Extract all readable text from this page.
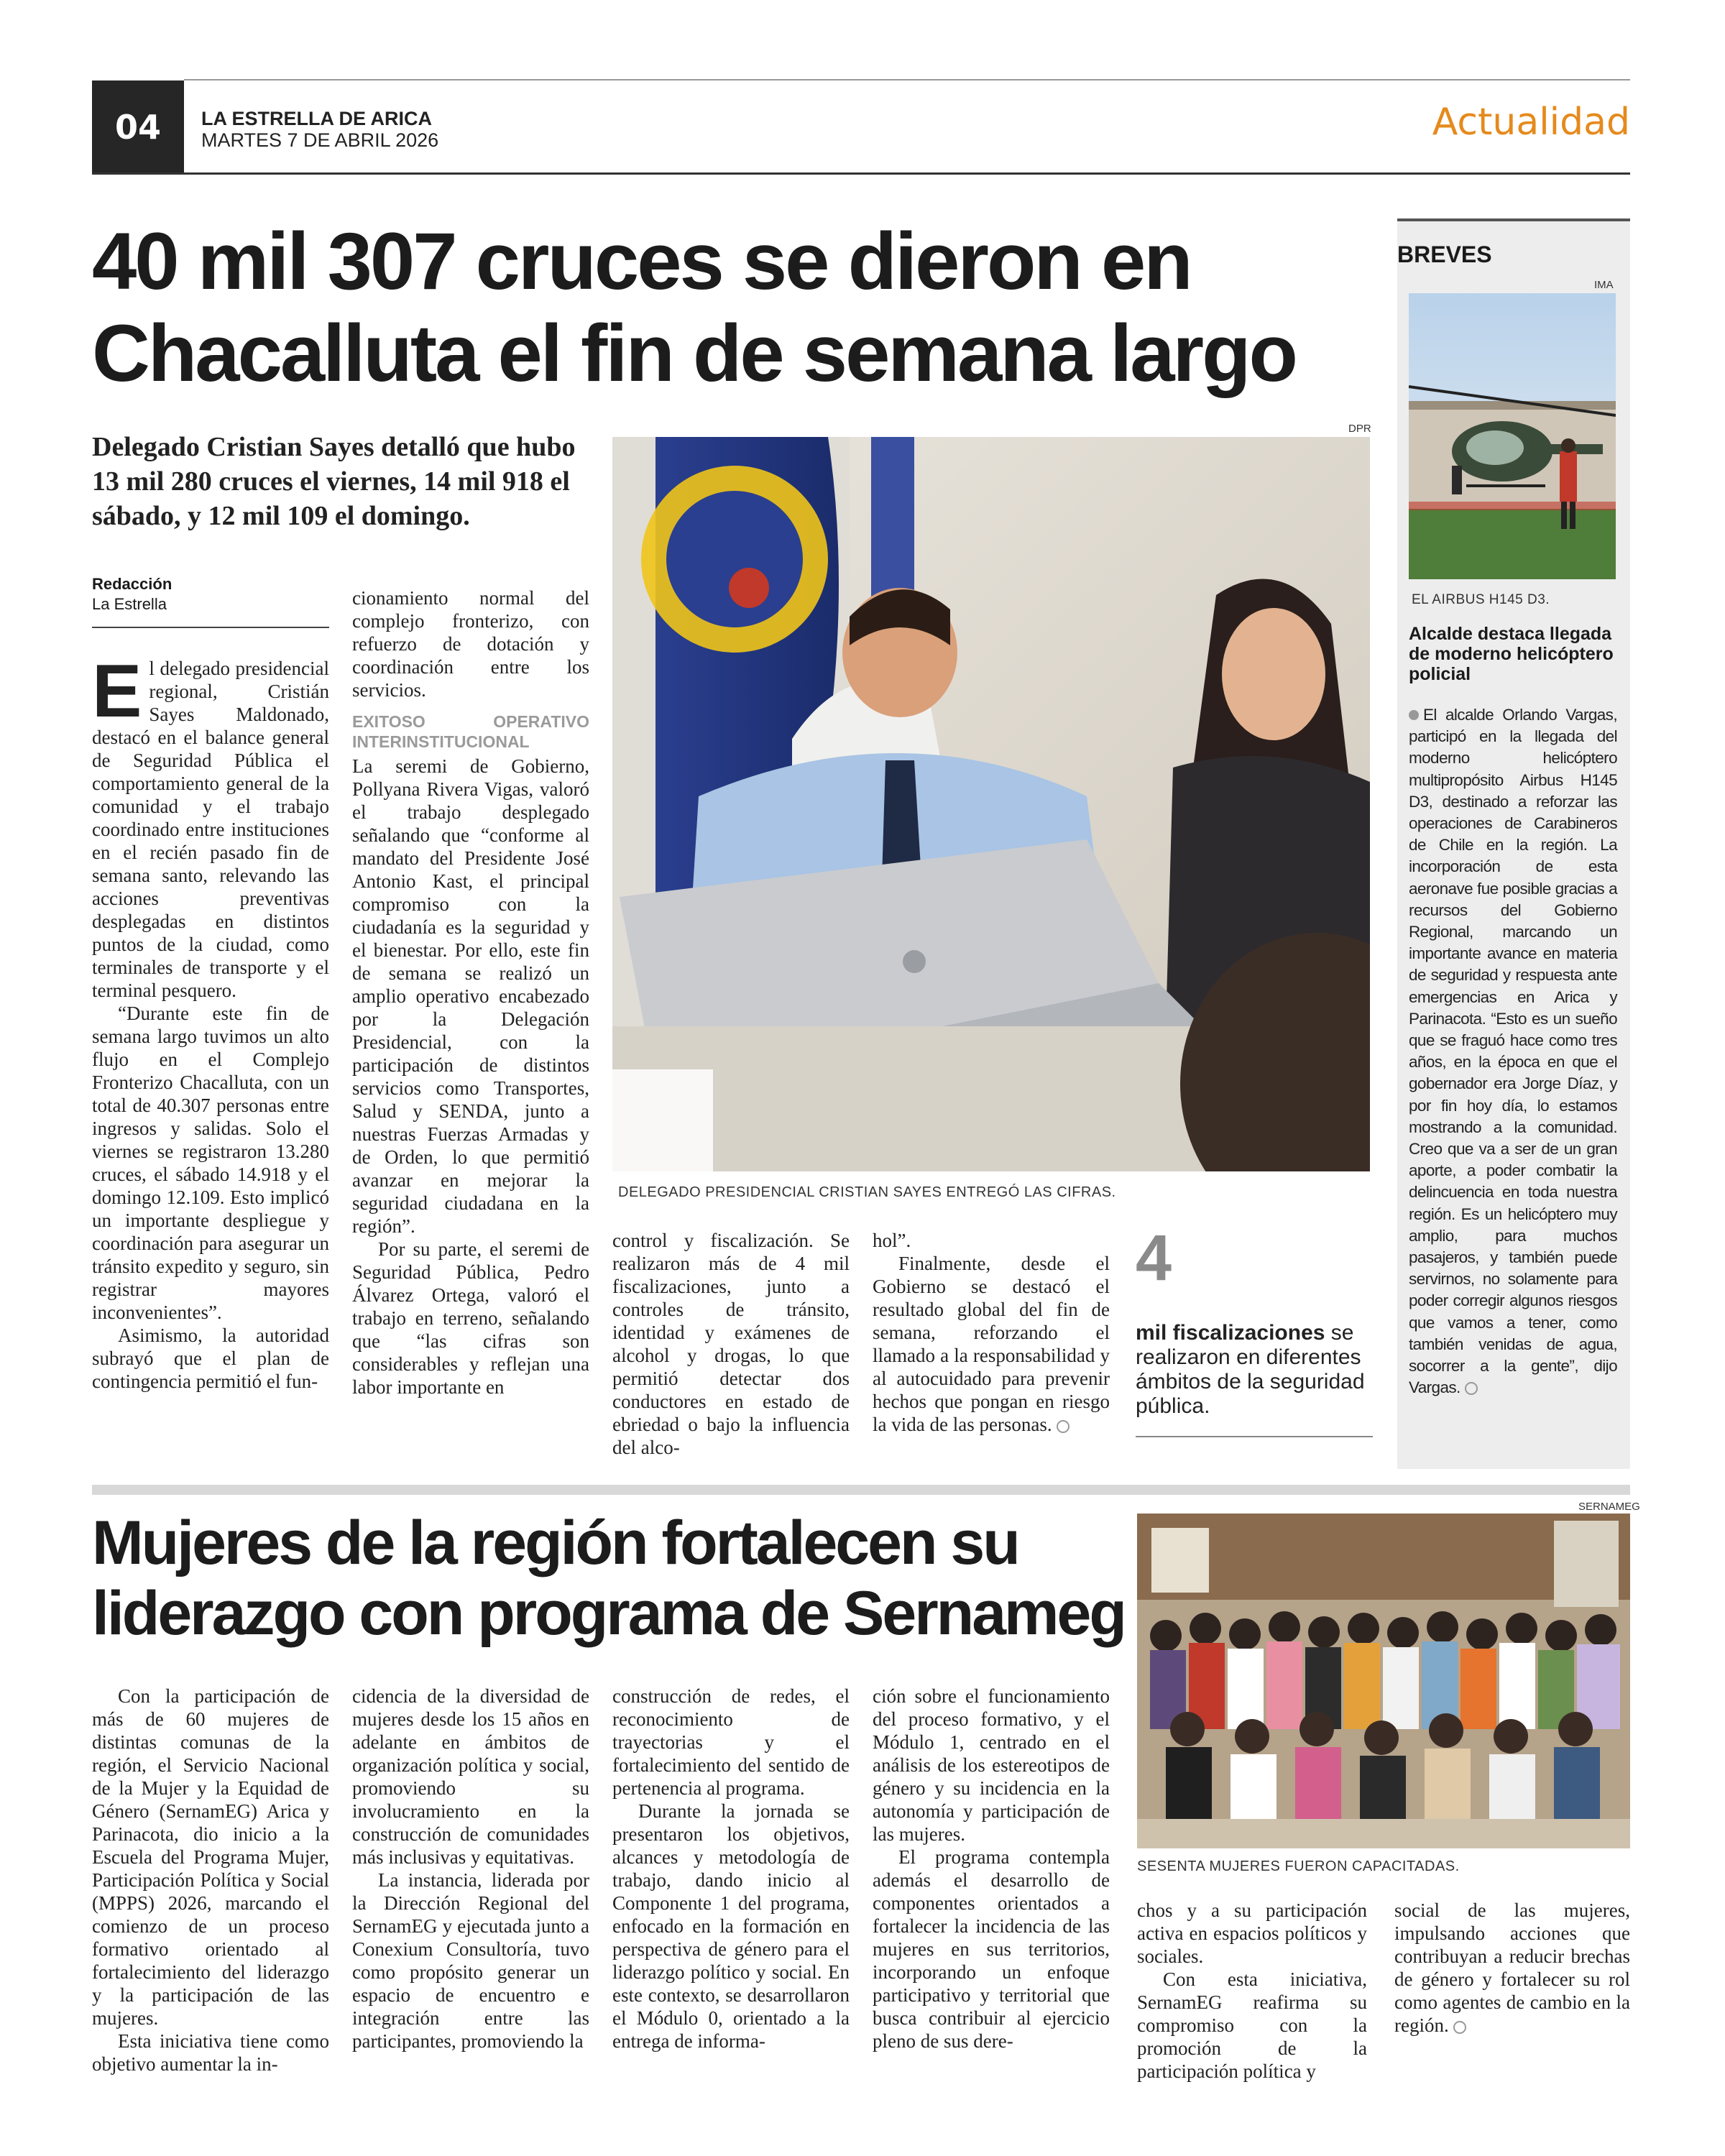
04	LA ESTRELLA DE ARICA
MARTES 7 DE ABRIL 2026	Actualidad
40 mil 307 cruces se dieron en
Chacalluta el fin de semana largo
Delegado Cristian Sayes detalló que hubo 13 mil 280 cruces el viernes, 14 mil 918 el sábado, y 12 mil 109 el domingo.
Redacción
La Estrella

El delegado presidencial regional, Cristián Sayes Maldonado, destacó en el balance general de Seguridad Pública el comportamiento general de la comunidad y el trabajo coordinado entre instituciones en el recién pasado fin de semana santo, relevando las acciones preventivas desplegadas en distintos puntos de la ciudad, como terminales de transporte y el terminal pesquero.

“Durante este fin de semana largo tuvimos un alto flujo en el Complejo Fronterizo Chacalluta, con un total de 40.307 personas entre ingresos y salidas. Solo el viernes se registraron 13.280 cruces, el sábado 14.918 y el domingo 12.109. Esto implicó un importante despliegue y coordinación para asegurar un tránsito expedito y seguro, sin registrar mayores inconvenientes”.

Asimismo, la autoridad subrayó que el plan de contingencia permitió el fun-

cionamiento normal del complejo fronterizo, con refuerzo de dotación y coordinación entre los servicios.

EXITOSO OPERATIVO INTERINSTITUCIONAL

La seremi de Gobierno, Pollyana Rivera Vigas, valoró el trabajo desplegado señalando que “conforme al mandato del Presidente José Antonio Kast, el principal compromiso con la ciudadanía es la seguridad y el bienestar. Por ello, este fin de semana se realizó un amplio operativo encabezado por la Delegación Presidencial, con la participación de distintos servicios como Transportes, Salud y SENDA, junto a nuestras Fuerzas Armadas y de Orden, lo que permitió avanzar en mejorar la seguridad ciudadana en la región”.

Por su parte, el seremi de Seguridad Pública, Pedro Álvarez Ortega, valoró el trabajo en terreno, señalando que “las cifras son considerables y reflejan una labor importante en

DPR
DELEGADO PRESIDENCIAL CRISTIAN SAYES ENTREGÓ LAS CIFRAS.

control y fiscalización. Se realizaron más de 4 mil fiscalizaciones, junto a controles de tránsito, identidad y exámenes de alcohol y drogas, lo que permitió detectar dos conductores en estado de ebriedad o bajo la influencia del alco-

hol”.

Finalmente, desde el Gobierno se destacó el resultado global del fin de semana, reforzando el llamado a la responsabilidad y al autocuidado para prevenir hechos que pongan en riesgo la vida de las personas.

4
mil fiscalizaciones se realizaron en diferentes ámbitos de la seguridad pública.
BREVES
IMA
EL AIRBUS H145 D3.
Alcalde destaca llegada de moderno helicóptero policial
El alcalde Orlando Vargas, participó en la llegada del moderno helicóptero multipropósito Airbus H145 D3, destinado a reforzar las operaciones de Carabineros de Chile en la región. La incorporación de esta aeronave fue posible gracias a recursos del Gobierno Regional, marcando un importante avance en materia de seguridad y respuesta ante emergencias en Arica y Parinacota. “Esto es un sueño que se fraguó hace como tres años, en la época en que el gobernador era Jorge Díaz, y por fin hoy día, lo estamos mostrando a la comunidad. Creo que va a ser de un gran aporte, a poder combatir la delincuencia en toda nuestra región. Es un helicóptero muy amplio, para muchos pasajeros, y también puede servirnos, no solamente para poder corregir algunos riesgos que vamos a tener, como también venidas de agua, socorrer a la gente”, dijo Vargas.
SERNAMEG
Mujeres de la región fortalecen su
liderazgo con programa de Sernameg
SESENTA MUJERES FUERON CAPACITADAS.

Con la participación de más de 60 mujeres de distintas comunas de la región, el Servicio Nacional de la Mujer y la Equidad de Género (SernamEG) Arica y Parinacota, dio inicio a la Escuela del Programa Mujer, Participación Política y Social (MPPS) 2026, marcando el comienzo de un proceso formativo orientado al fortalecimiento del liderazgo y la participación de las mujeres.

Esta iniciativa tiene como objetivo aumentar la in-

cidencia de la diversidad de mujeres desde los 15 años en adelante en ámbitos de organización política y social, promoviendo su involucramiento en la construcción de comunidades más inclusivas y equitativas.

La instancia, liderada por la Dirección Regional del SernamEG y ejecutada junto a Conexium Consultoría, tuvo como propósito generar un espacio de encuentro e integración entre las participantes, promoviendo la

construcción de redes, el reconocimiento de trayectorias y el fortalecimiento del sentido de pertenencia al programa.

Durante la jornada se presentaron los objetivos, alcances y metodología de trabajo, dando inicio al Componente 1 del programa, enfocado en la formación en perspectiva de género para el liderazgo político y social. En este contexto, se desarrollaron el Módulo 0, orientado a la entrega de informa-

ción sobre el funcionamiento del proceso formativo, y el Módulo 1, centrado en el análisis de los estereotipos de género y su incidencia en la autonomía y participación de las mujeres.

El programa contempla además el desarrollo de componentes orientados a fortalecer la incidencia de las mujeres en sus territorios, incorporando un enfoque participativo y territorial que busca contribuir al ejercicio pleno de sus dere-

chos y a su participación activa en espacios políticos y sociales.

Con esta iniciativa, SernamEG reafirma su compromiso con la promoción de la participación política y

social de las mujeres, impulsando acciones que contribuyan a reducir brechas de género y fortalecer su rol como agentes de cambio en la región.
